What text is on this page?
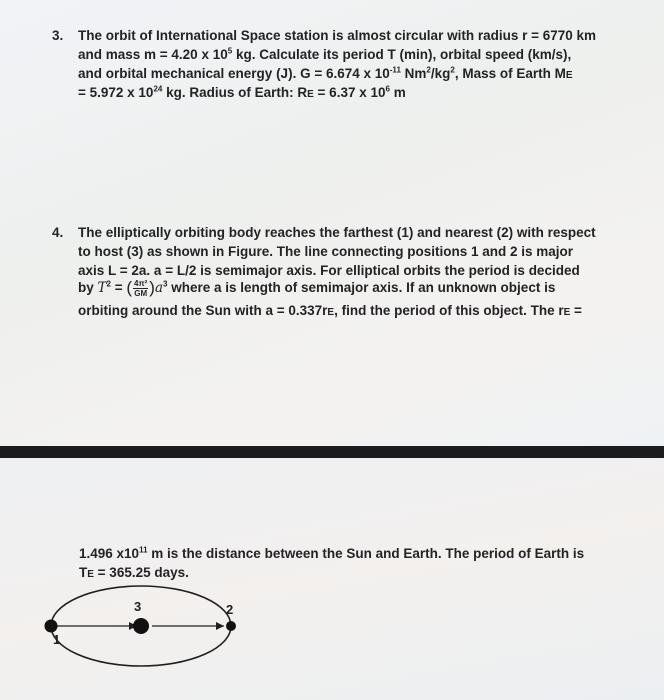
3. The orbit of International Space station is almost circular with radius r = 6770 km
and mass m = 4.20 x $10^5$ kg. Calculate its period T (min), orbital speed (km/s),
and orbital mechanical energy (J). G = 6.674 x $10^{-11}$ $Nm^2/kg^2$, Mass of Earth ME
= 5.972 x $10^{24}$ kg. Radius of Earth: RE = 6.37 x $10^6$ m
4. The elliptically orbiting body reaches the farthest (1) and nearest (2) with respect
to host (3) as shown in Figure. The line connecting positions 1 and 2 is major
axis L = 2a. a = L/2 is semimajor axis. For elliptical orbits the period is decided
by $T^2$ = ( $\frac{\text{4π²}}{GM} )a^3$ where a is length of semimajor axis. If an unknown object is
orbiting around the Sun with a = 0.337rE, find the period of this object. The rE =
1.496 $x10^{11}$ m is the distance between the Sun and Earth. The period of Earth is
TE = 365.25 days.
3	2
1
